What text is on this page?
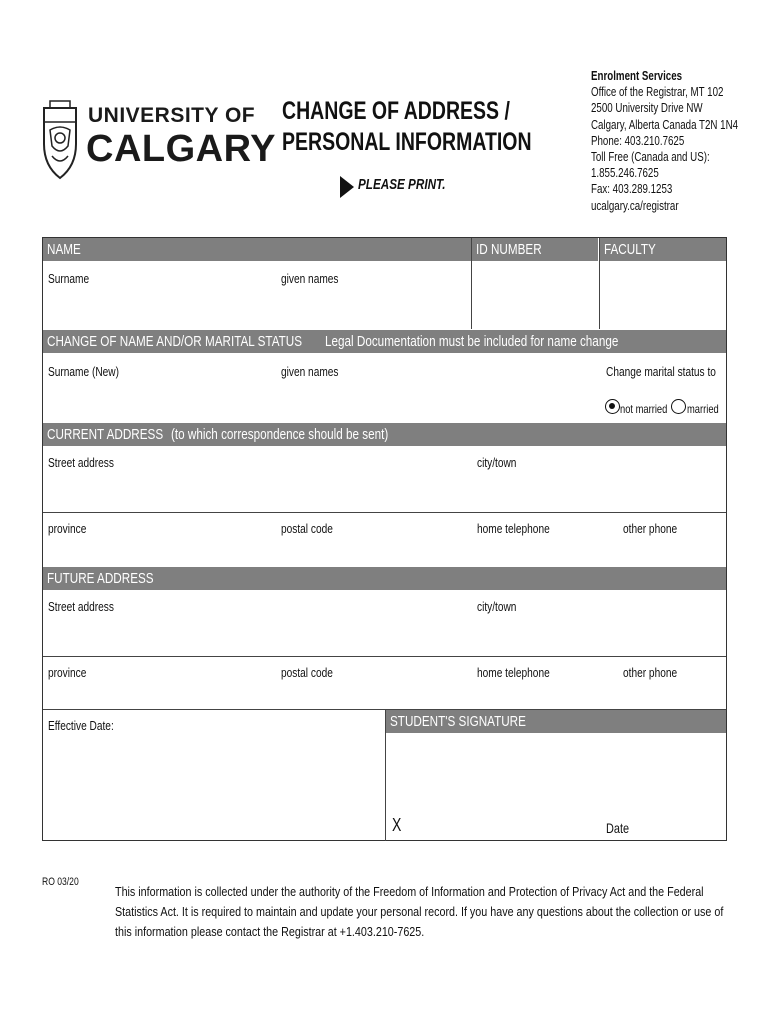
UNIVERSITY OF
CALGARY
CHANGE OF ADDRESS / PERSONAL INFORMATION
PLEASE PRINT.
Enrolment Services
Office of the Registrar, MT 102
2500 University Drive NW
Calgary, Alberta Canada T2N 1N4
Phone: 403.210.7625
Toll Free (Canada and US):
1.855.246.7625
Fax: 403.289.1253
ucalgary.ca/registrar
NAME	ID NUMBER	FACULTY
Surname	given names
CHANGE OF NAME AND/OR MARITAL STATUS Legal Documentation must be included for name change
Surname (New)	given names	Change marital status to
not married married
CURRENT ADDRESS (to which correspondence should be sent)
Street address	city/town
province	postal code	home telephone	other phone
FUTURE ADDRESS
Street address	city/town
province	postal code	home telephone	other phone
Effective Date:	STUDENT'S SIGNATURE
X	Date
RO 03/20
This information is collected under the authority of the Freedom of Information and Protection of Privacy Act and the Federal
Statistics Act. It is required to maintain and update your personal record. If you have any questions about the collection or use of
this information please contact the Registrar at +1.403.210-7625.
